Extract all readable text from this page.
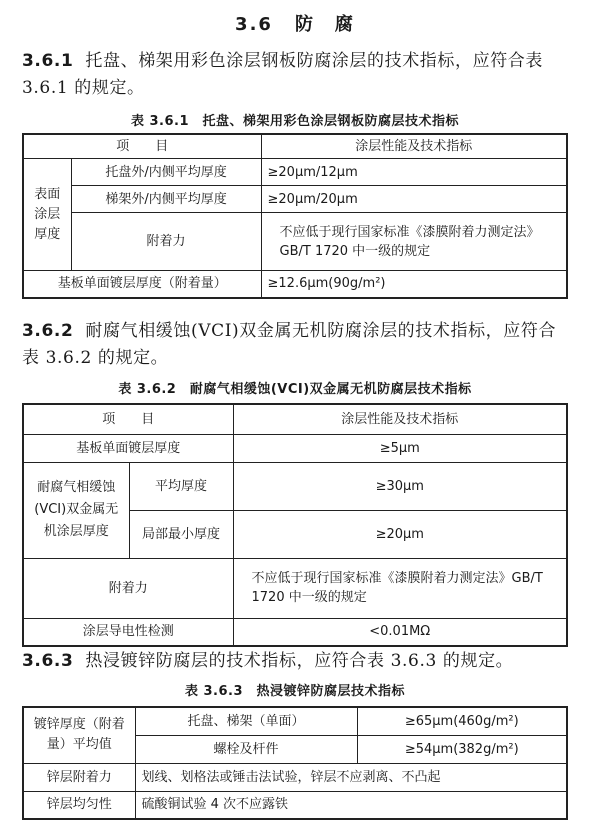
3.6 防　腐
3.6.1 托盘、梯架用彩色涂层钢板防腐涂层的技术指标，应符合表 3.6.1 的规定。
表 3.6.1　托盘、梯架用彩色涂层钢板防腐层技术指标
项　　目		涂层性能及技术指标
表面涂层厚度	托盘外/内侧平均厚度	≥20μm/12μm
	梯架外/内侧平均厚度	≥20μm/20μm
	附着力	不应低于现行国家标准《漆膜附着力测定法》GB/T 1720 中一级的规定
基板单面镀层厚度（附着量）		≥12.6μm(90g/m²)
3.6.2 耐腐气相缓蚀(VCI)双金属无机防腐涂层的技术指标，应符合表 3.6.2 的规定。
表 3.6.2　耐腐气相缓蚀(VCI)双金属无机防腐层技术指标
项　　目		涂层性能及技术指标
基板单面镀层厚度		≥5μm
耐腐气相缓蚀(VCI)双金属无机涂层厚度	平均厚度	≥30μm
	局部最小厚度	≥20μm
附着力		不应低于现行国家标准《漆膜附着力测定法》GB/T 1720 中一级的规定
涂层导电性检测		<0.01MΩ
3.6.3 热浸镀锌防腐层的技术指标，应符合表 3.6.3 的规定。
表 3.6.3　热浸镀锌防腐层技术指标
镀锌厚度（附着量）平均值	托盘、梯架（单面）	≥65μm(460g/m²)
	螺栓及杆件	≥54μm(382g/m²)
锌层附着力	划线、划格法或锤击法试验，锌层不应剥离、不凸起	
锌层均匀性	硫酸铜试验 4 次不应露铁	
